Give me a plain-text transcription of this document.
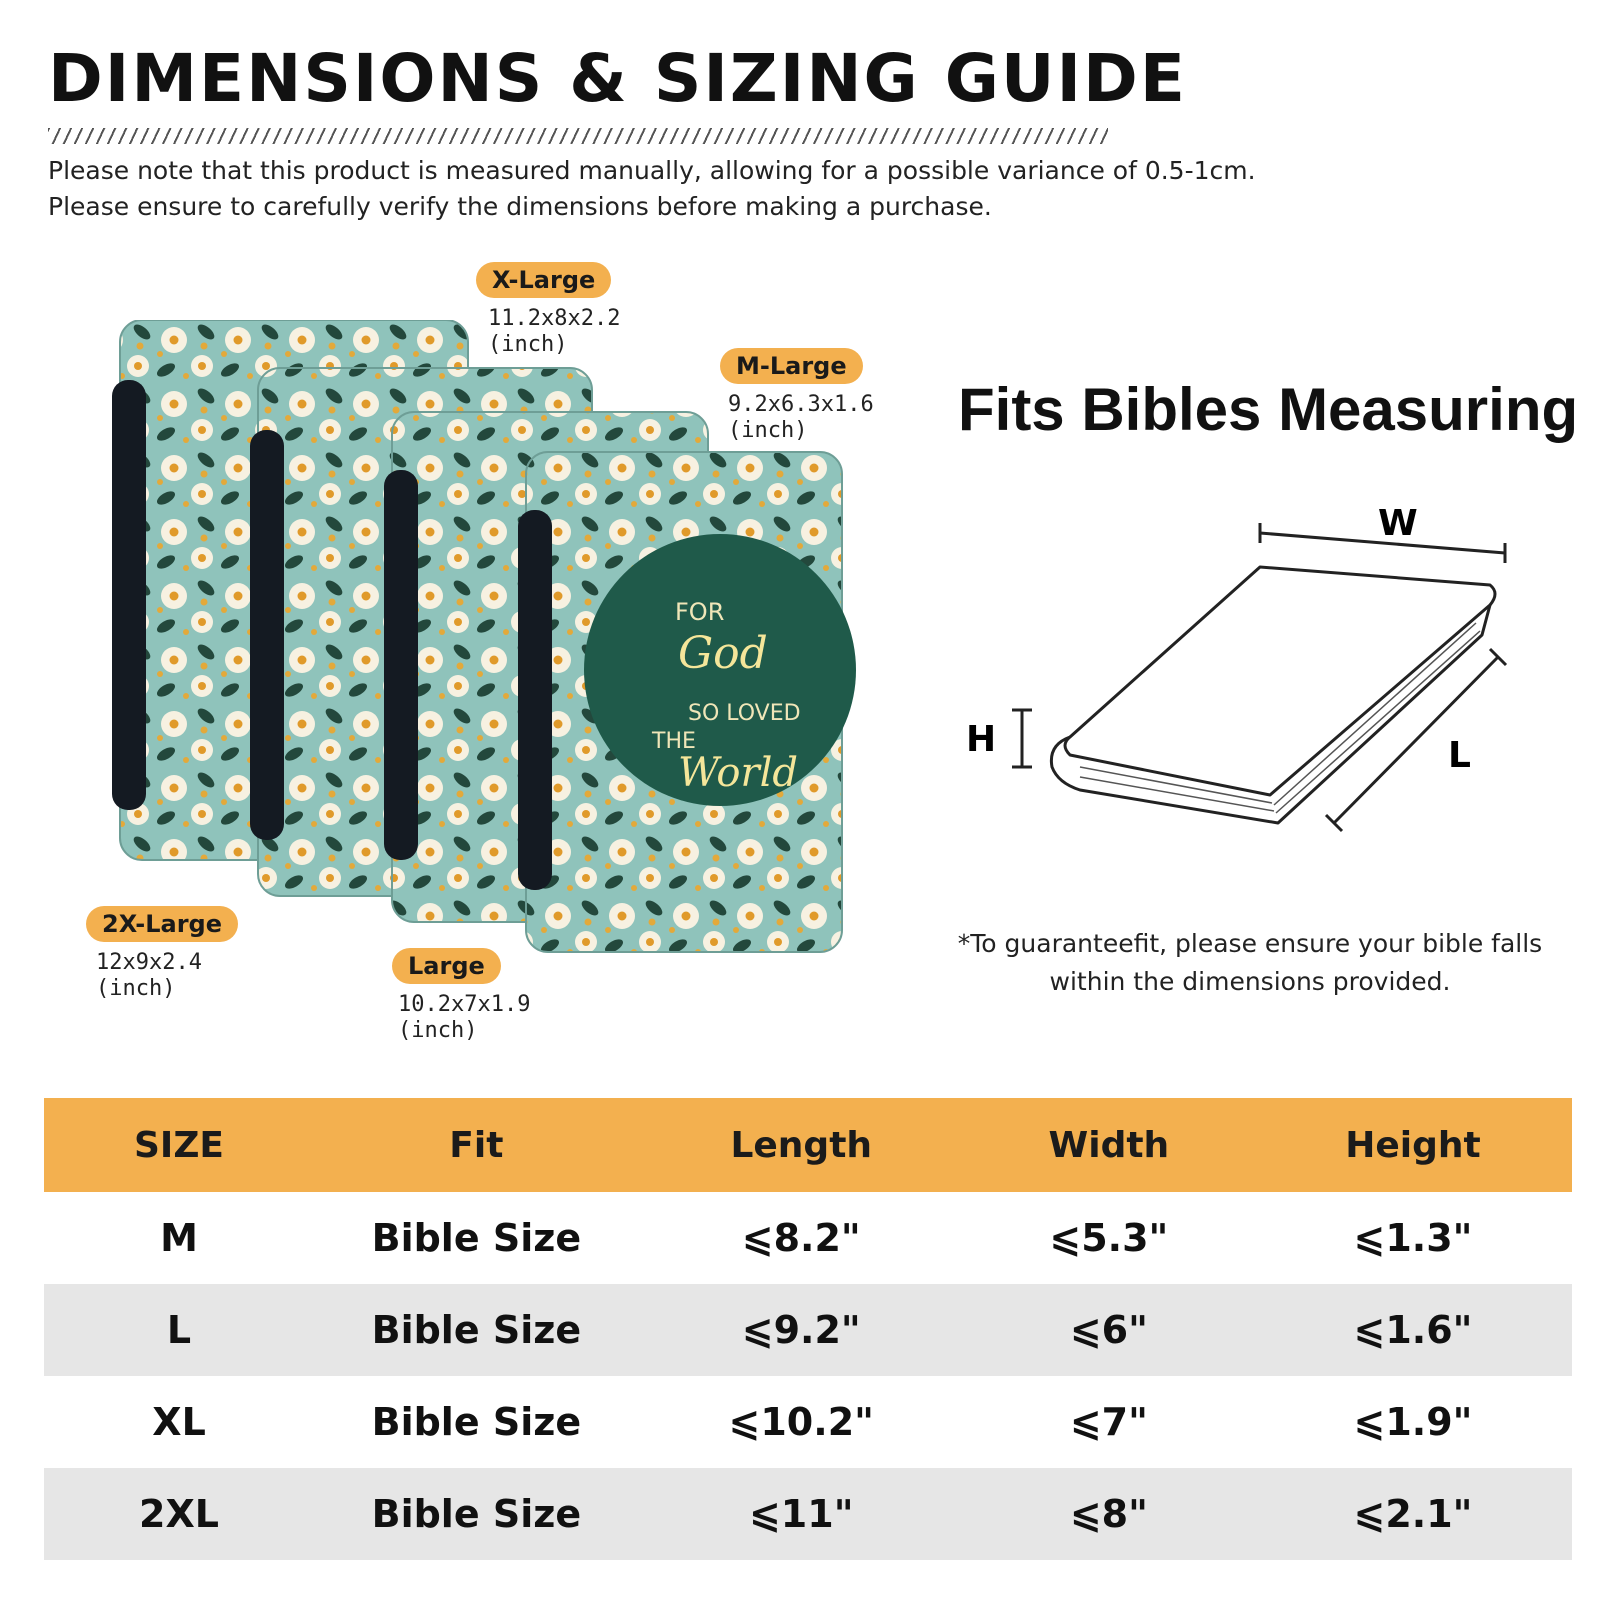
DIMENSIONS & SIZING GUIDE
Please note that this product is measured manually, allowing for a possible variance of 0.5-1cm.
Please ensure to carefully verify the dimensions before making a purchase.
FOR
God
SO LOVED
THE
World
X-Large
11.2x8x2.2
(inch)
M-Large
9.2x6.3x1.6
(inch)
2X-Large
12x9x2.4
(inch)
Large
10.2x7x1.9
(inch)
Fits Bibles Measuring
W
H	L
*To guaranteefit, please ensure your bible falls
within the dimensions provided.
SIZE	Fit	Length	Width	Height
M	Bible Size	⩽8.2"	⩽5.3"	⩽1.3"
L	Bible Size	⩽9.2"	⩽6"	⩽1.6"
XL	Bible Size	⩽10.2"	⩽7"	⩽1.9"
2XL	Bible Size	⩽11"	⩽8"	⩽2.1"
